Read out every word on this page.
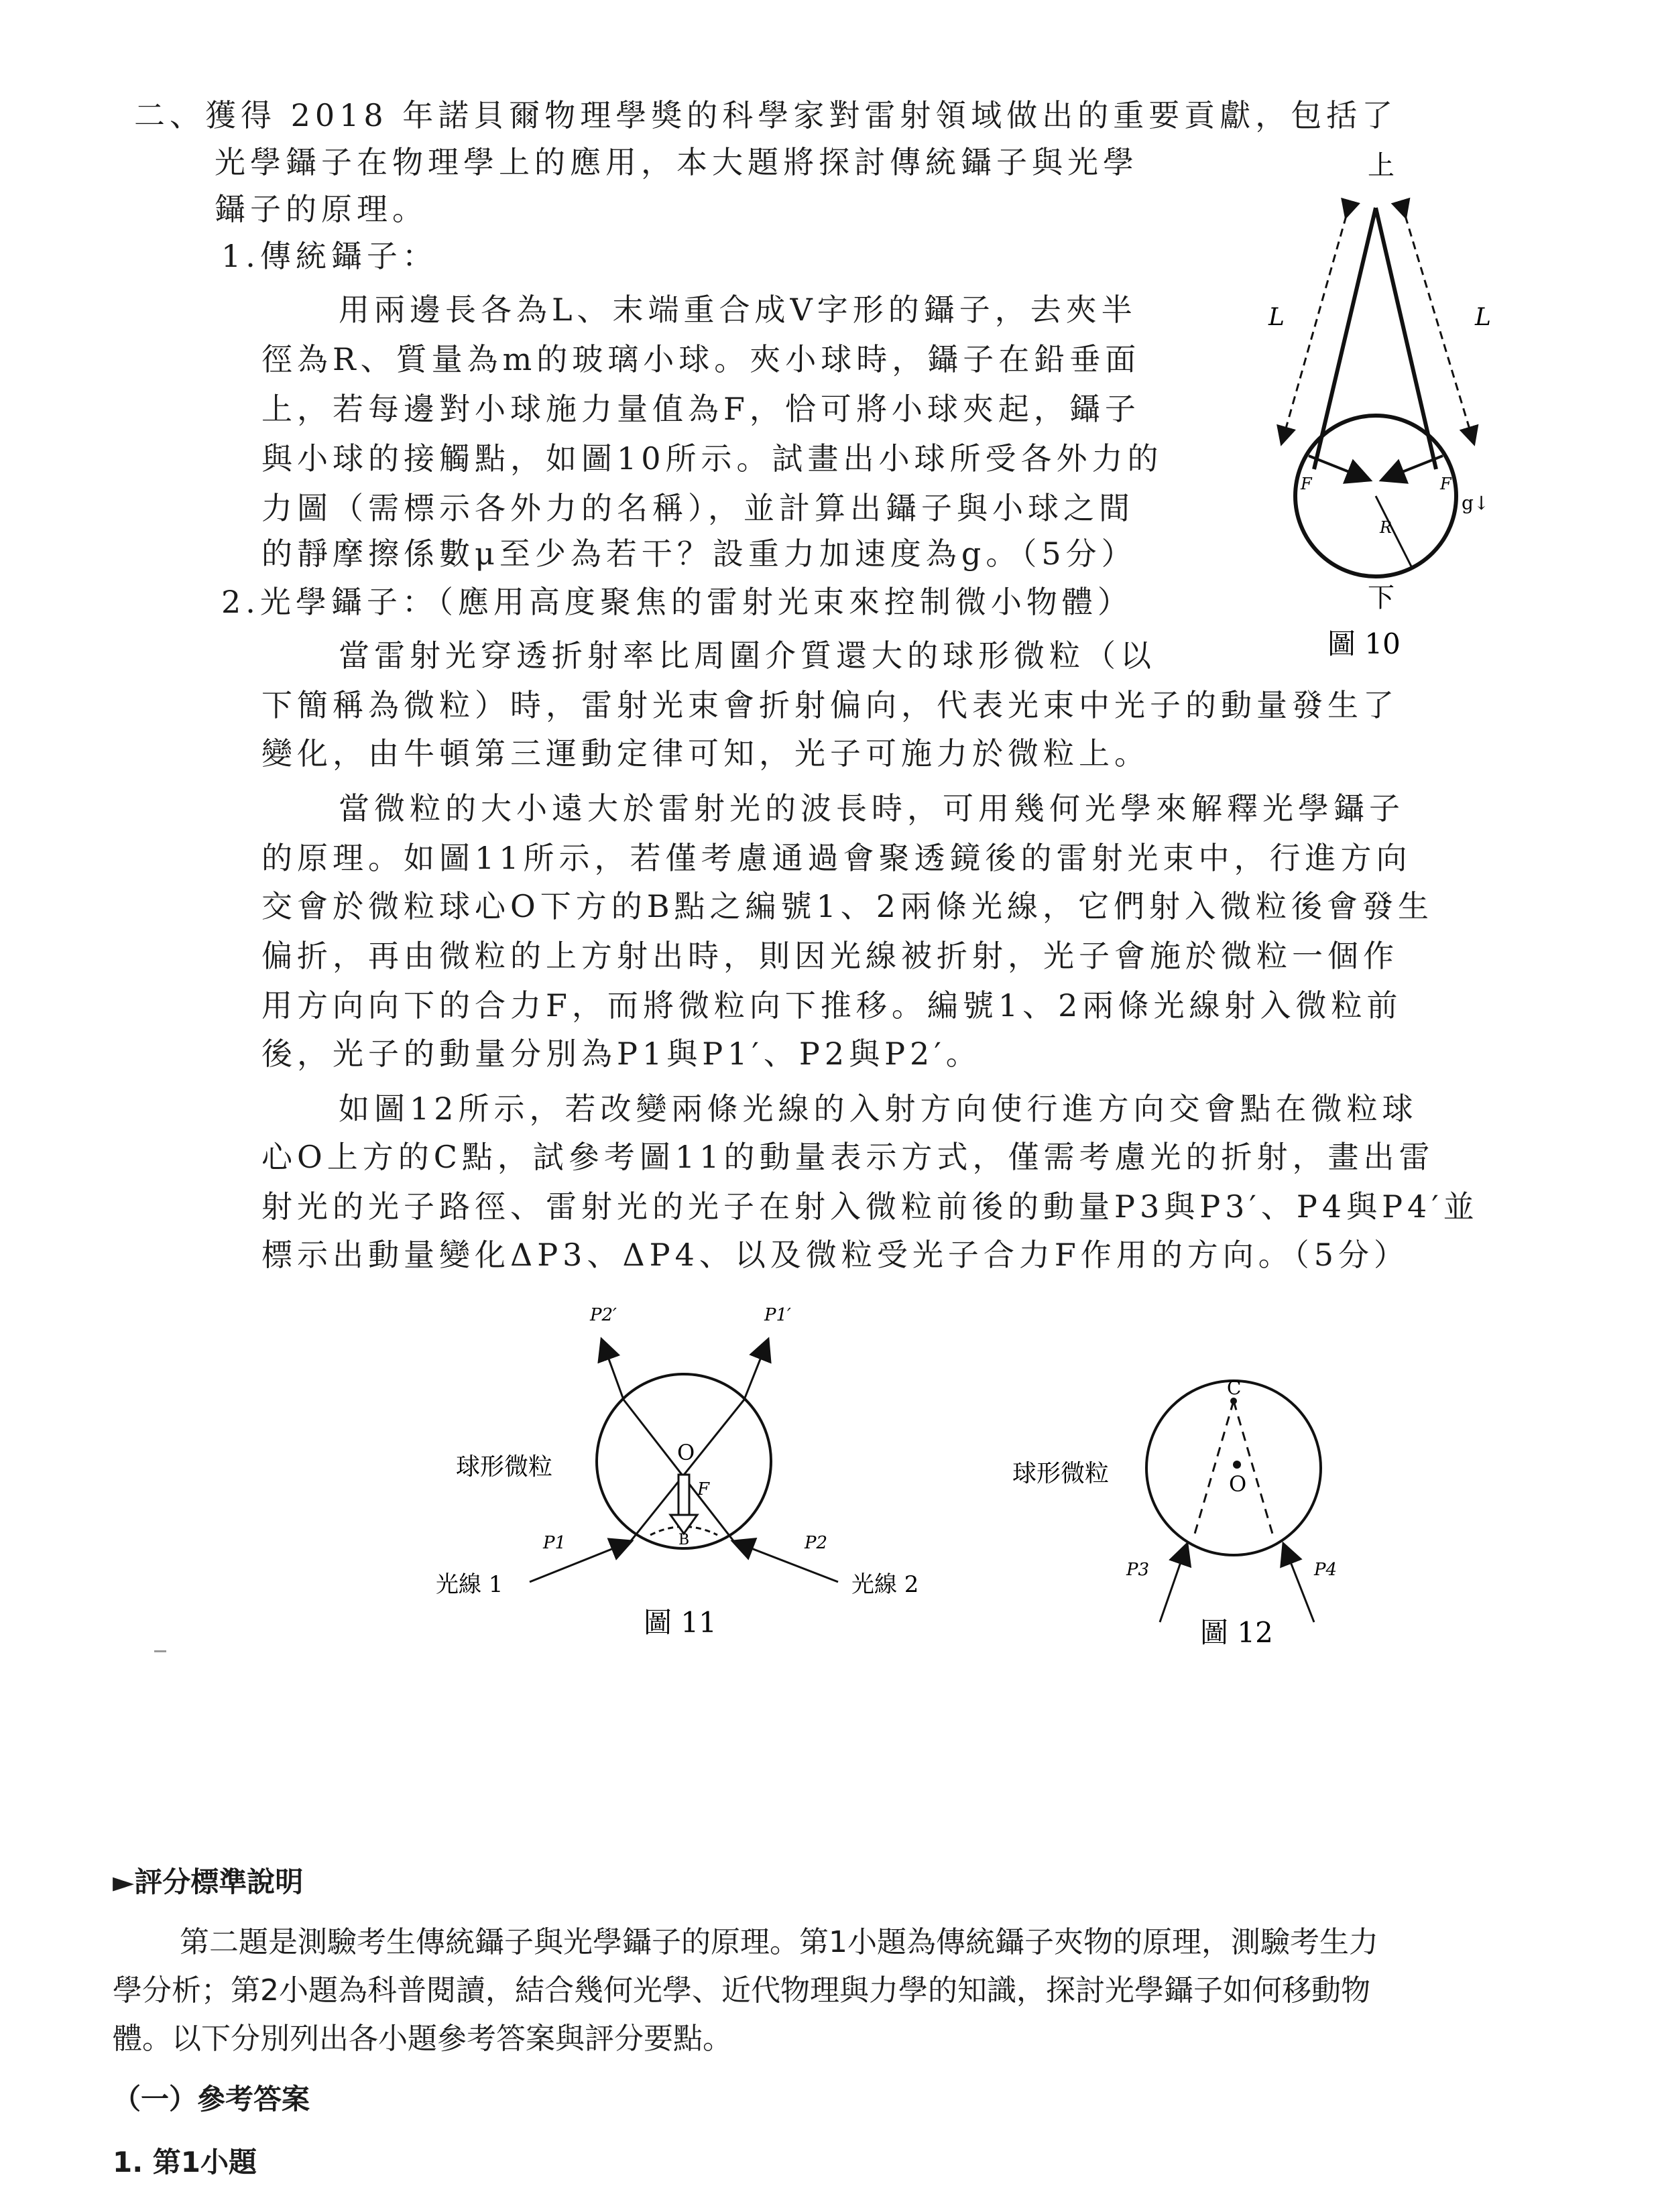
二、獲得 2018 年諾貝爾物理學獎的科學家對雷射領域做出的重要貢獻，包括了
光學鑷子在物理學上的應用，本大題將探討傳統鑷子與光學
鑷子的原理。
1.傳統鑷子：
用兩邊長各為L、末端重合成V字形的鑷子，去夾半
徑為R、質量為m的玻璃小球。夾小球時，鑷子在鉛垂面
上，若每邊對小球施力量值為F，恰可將小球夾起，鑷子
與小球的接觸點，如圖10所示。試畫出小球所受各外力的
力圖（需標示各外力的名稱），並計算出鑷子與小球之間
的靜摩擦係數μ至少為若干？設重力加速度為g。（5分）
2.光學鑷子：（應用高度聚焦的雷射光束來控制微小物體）
當雷射光穿透折射率比周圍介質還大的球形微粒（以
下簡稱為微粒）時，雷射光束會折射偏向，代表光束中光子的動量發生了
變化，由牛頓第三運動定律可知，光子可施力於微粒上。
當微粒的大小遠大於雷射光的波長時，可用幾何光學來解釋光學鑷子
的原理。如圖11所示，若僅考慮通過會聚透鏡後的雷射光束中，行進方向
交會於微粒球心O下方的B點之編號1、2兩條光線，它們射入微粒後會發生
偏折，再由微粒的上方射出時，則因光線被折射，光子會施於微粒一個作
用方向向下的合力F，而將微粒向下推移。編號1、2兩條光線射入微粒前
後，光子的動量分別為P1與P1′、P2與P2′。
如圖12所示，若改變兩條光線的入射方向使行進方向交會點在微粒球
心O上方的C點，試參考圖11的動量表示方式，僅需考慮光的折射，畫出雷
射光的光子路徑、雷射光的光子在射入微粒前後的動量P3與P3′、P4與P4′並
標示出動量變化ΔP3、ΔP4、以及微粒受光子合力F作用的方向。（5分）
上
L	L
F	F
R
g↓
下
圖 10
O
F
B
球形微粒
P2′	P1′
P1	P2
光線 1	光線 2
圖 11
C
O
球形微粒
P3	P4
圖 12
►評分標準說明
第二題是測驗考生傳統鑷子與光學鑷子的原理。第1小題為傳統鑷子夾物的原理，測驗考生力
學分析；第2小題為科普閱讀，結合幾何光學、近代物理與力學的知識，探討光學鑷子如何移動物
體。以下分別列出各小題參考答案與評分要點。
（一）參考答案
1. 第1小題
